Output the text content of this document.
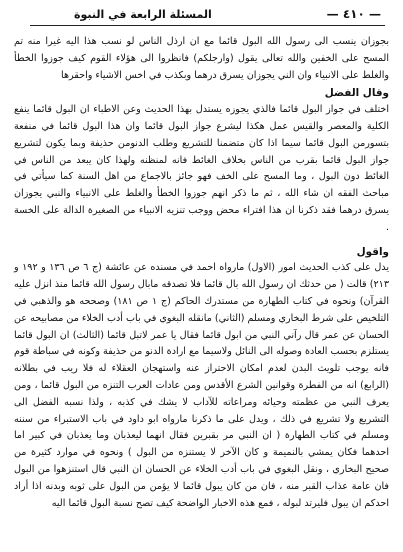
— ٤١٠ —
المسئلة الرابعة في النبوة

بجوزان ينسب الى رسول الله البول قائما مع ان ارذل الناس لو نسب هذا اليه غيرا منه تم المسح على الخفين والله تعالى يقول (وارجلكم) فانظروا الى هؤلاء القوم كيف جوزوا الخطأ والغلط على الانبياء وان الني يجوزان يسرق درهما وبكذب في اخس الاشياء واحقرها

وقال الفضل

اختلف في جواز البول قائما فالذي يجوزه يستدل بهذا الحديث وعن الاطباء ان البول قائما ينفع الكلية والمعصر والقيس عمل هكذا ليشرع جواز البول قائما وان هذا البول قائما في منفعة بتسورمن البول قائما سيما اذا كان متضمنا للتشريع وطلب الدنومن حذيفة وبما يكون لتشريع جواز البول قائما بقرب من الناس بخلاف الغائط فانه لمنظنه ولهذا كان يبعد من الناس في الغائط دون البول ، وما المسح على الخف فهو جائز بالاجماع من اهل السنة كما سيأتي في مباحث الفقه ان شاء الله ، ثم ما ذكر انهم جوزوا الخطأ والغلط على الانبياء والنبي يجوزان يسرق درهما فقد ذكرنا ان هذا افتراء محض ووجب تنزيه الانبياء من الصغيرة الدالة على الخسة .

واقول

يدل على كذب الحديث امور (الاول) مارواه احمد في مسنده عن عائشة (ج ٦ ص ١٣٦ و ١٩٢ و ٢١٣) قالت ( من حدثك ان رسول الله بال قائما فلا تصدقه مابال رسول الله قائما منذ انزل عليه القرآن) ونحوه في كتاب الطهارة من مستدرك الحاكم (ج ١ ص ١٨١) وصححه هو والذهبي في التلخيص على شرط البخاري ومسلم (الثاني) مانقله البغوي في باب أدب الخلاء من مصابيحه عن الحسان عن عمر قال رآني النبي من ابول قائما فقال يا عمر لاتبل قائما (الثالث) ان البول قائما يستلزم بحسب العادة وصوله الى النائل ولاسيما مع ارادة الدنو من حذيفة وكونه في سباطة قوم فانه يوجب تلويث البدن لعدم امكان الاحتراز عنه واستهجان العقلاء له فلا ريب في بطلانه (الرابع) انه من الفطرة وقوانين الشرع الأقدس ومن عادات العرب التنزه من البول قائما ، ومن يعرف النبي من عظمته وحيائه ومراعاته للآداب لا يشك في كذبه ، ولذا نسبه الفضل الى التشريع ولا تشريع في ذلك ، ويدل على ما ذكرنا مارواه ابو داود في باب الاستبراء من سننه ومسلم في كتاب الطهارة ( ان النبي مر بقبرين فقال انهما ليعذبان وما يعذبان في كبير اما احدهما فكان يمشي بالنميمة و كان الآخر لا يستنزه من البول ) ونحوه في موارد كثيرة من صحيح البخاري ، ونقل البغوي في باب أدب الخلاء عن الحسان ان النبي قال استنزهوا من البول فان عامة عذاب القبر منه ، فان من كان يبول قائما لا يؤمن من البول على ثوبه وبدنه اذا أراد احدكم ان يبول فليرتد لبوله ، فمع هذه الاخبار الواضحة كيف تصح نسبة البول قائما اليه
